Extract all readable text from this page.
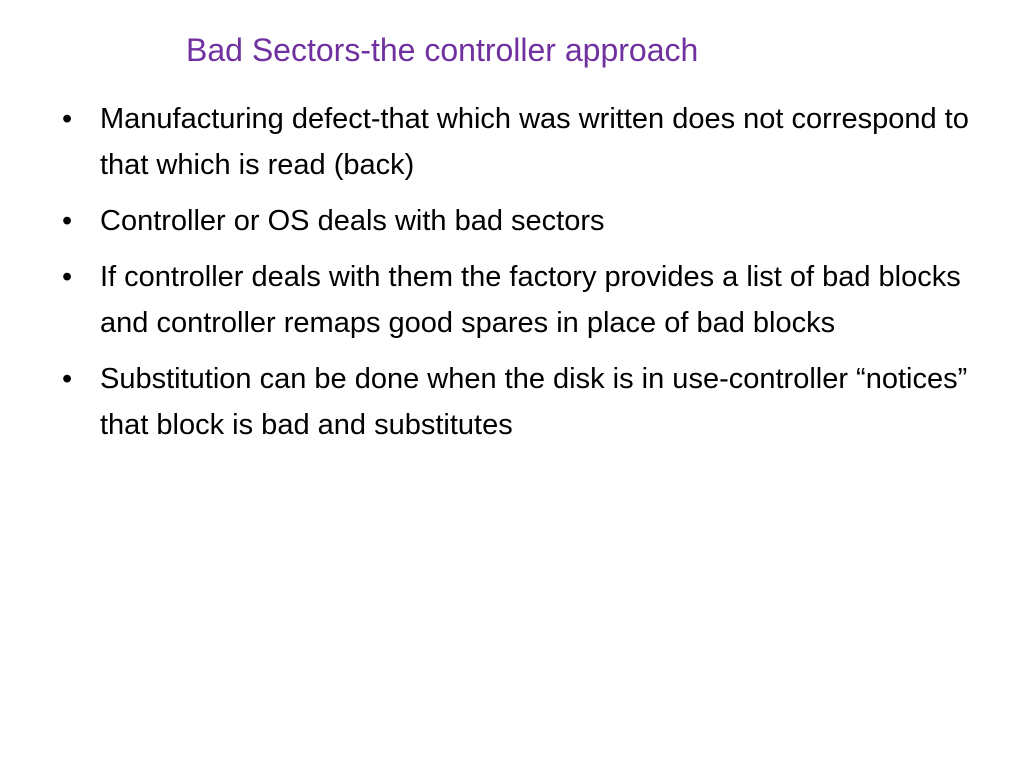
Bad Sectors-the controller approach
• Manufacturing defect-that which was written does not correspond to that which is read (back)
• Controller or OS deals with bad sectors
• If controller deals with them the factory provides a list of bad blocks and controller remaps good spares in place of bad blocks
• Substitution can be done when the disk is in use-controller “notices” that block is bad and substitutes
